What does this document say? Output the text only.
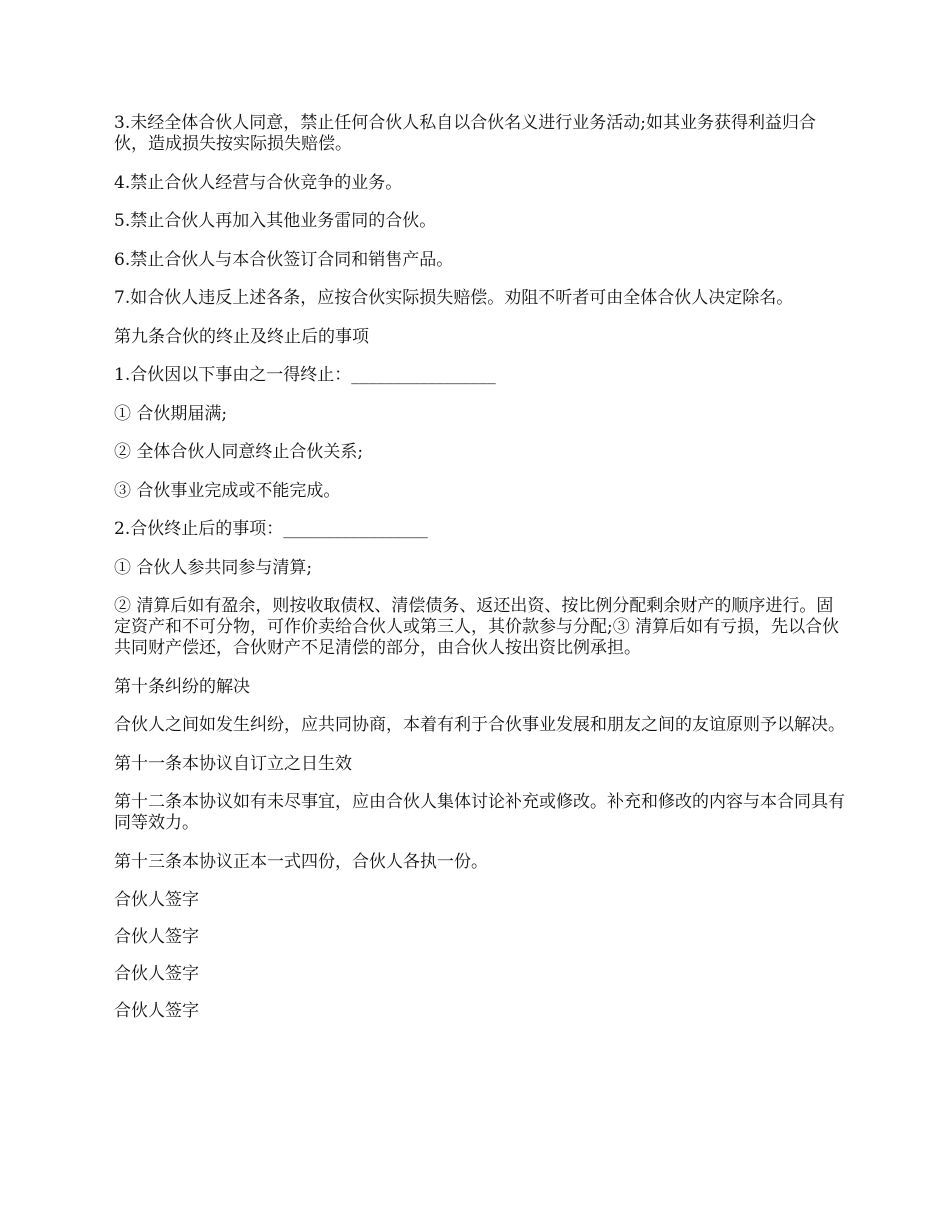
3.未经全体合伙人同意，禁止任何合伙人私自以合伙名义进行业务活动;如其业务获得利益归合伙，造成损失按实际损失赔偿。

4.禁止合伙人经营与合伙竞争的业务。

5.禁止合伙人再加入其他业务雷同的合伙。

6.禁止合伙人与本合伙签订合同和销售产品。

7.如合伙人违反上述各条，应按合伙实际损失赔偿。劝阻不听者可由全体合伙人决定除名。

第九条合伙的终止及终止后的事项

1.合伙因以下事由之一得终止：_________________

① 合伙期届满;

② 全体合伙人同意终止合伙关系;

③ 合伙事业完成或不能完成。

2.合伙终止后的事项：_________________

① 合伙人参共同参与清算;

② 清算后如有盈余，则按收取债权、清偿债务、返还出资、按比例分配剩余财产的顺序进行。固定资产和不可分物，可作价卖给合伙人或第三人，其价款参与分配;③ 清算后如有亏损，先以合伙共同财产偿还，合伙财产不足清偿的部分，由合伙人按出资比例承担。

第十条纠纷的解决

合伙人之间如发生纠纷，应共同协商，本着有利于合伙事业发展和朋友之间的友谊原则予以解决。

第十一条本协议自订立之日生效

第十二条本协议如有未尽事宜，应由合伙人集体讨论补充或修改。补充和修改的内容与本合同具有同等效力。

第十三条本协议正本一式四份，合伙人各执一份。

合伙人签字

合伙人签字

合伙人签字

合伙人签字
